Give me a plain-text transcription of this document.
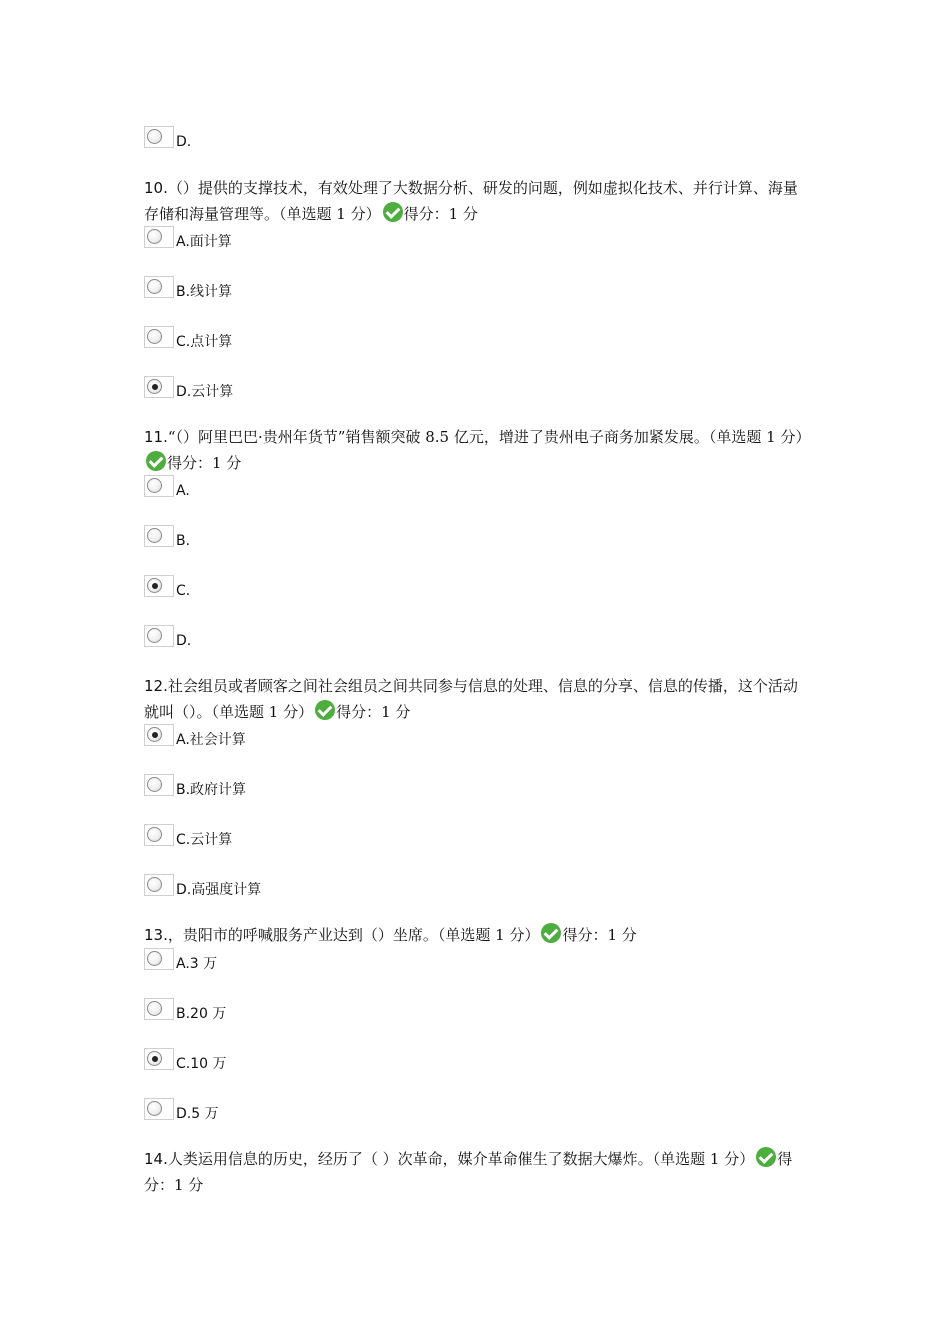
D.
10.（）提供的支撑技术，有效处理了大数据分析、研发的问题，例如虚拟化技术、并行计算、海量存储和海量管理等。（单选题 1 分） 得分：1 分
A.面计算
B.线计算
C.点计算
D.云计算
11.“（）阿里巴巴·贵州年货节”销售额突破 8.5 亿元，增进了贵州电子商务加紧发展。（单选题 1 分）得分：1 分
A.
B.
C.
D.
12.社会组员或者顾客之间社会组员之间共同参与信息的处理、信息的分享、信息的传播，这个活动就叫（）。（单选题 1 分） 得分：1 分
A.社会计算
B.政府计算
C.云计算
D.高强度计算
13.，贵阳市的呼喊服务产业达到（）坐席。（单选题 1 分） 得分：1 分
A.3 万
B.20 万
C.10 万
D.5 万
14.人类运用信息的历史，经历了（ ）次革命，媒介革命催生了数据大爆炸。（单选题 1 分） 得分：1 分
